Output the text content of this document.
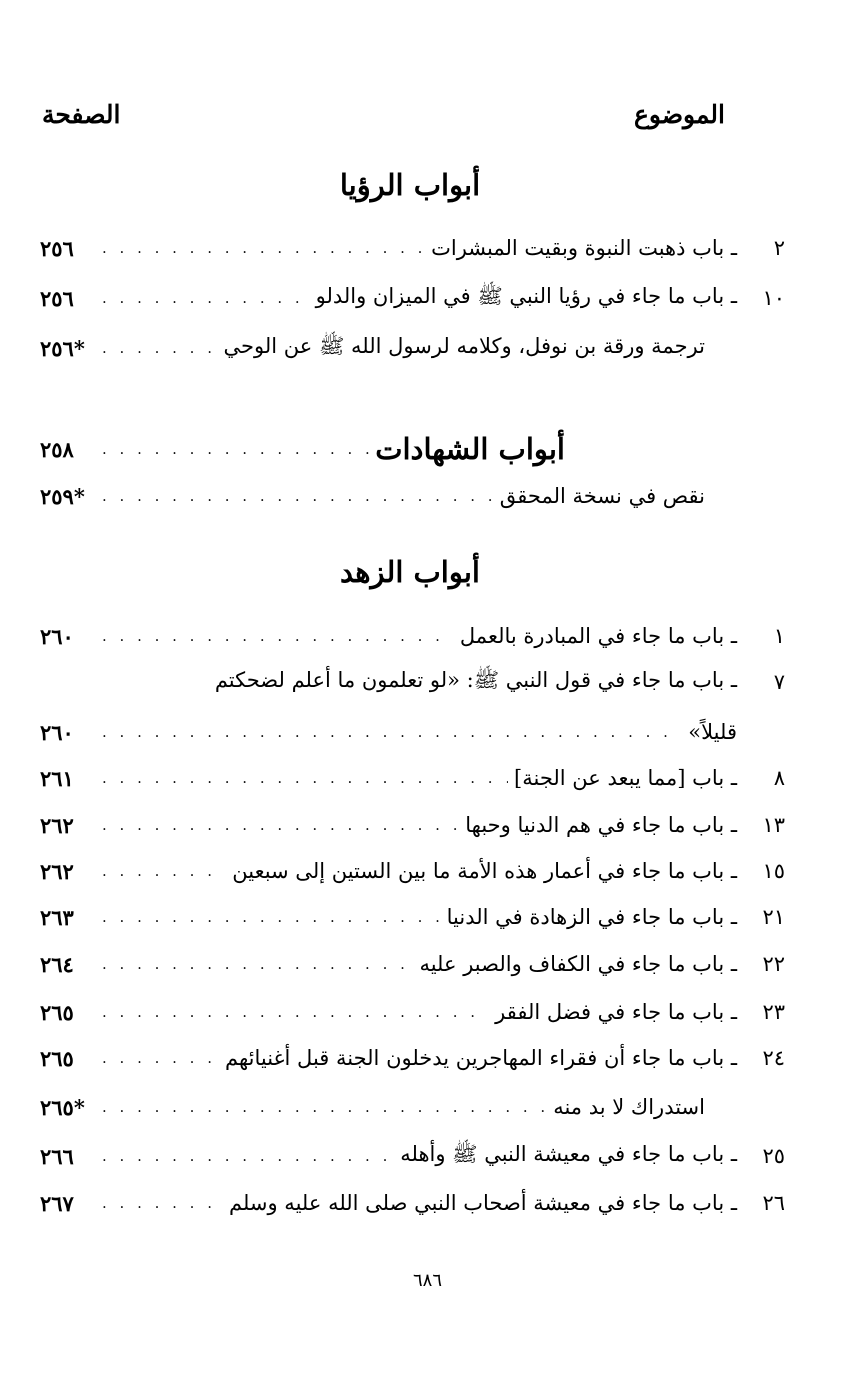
الموضوع
الصفحة
أبواب الرؤيا
٢
ـ باب ذهبت النبوة وبقيت المبشرات
. . .
٢٥٦
١٠
ـ باب ما جاء في رؤيا النبي ﷺ في الميزان والدلو
. . .
٢٥٦
ترجمة ورقة بن نوفل، وكلامه لرسول الله ﷺ عن الوحي
. . .
٢٥٦*
أبواب الشهادات
. . .
٢٥٨
نقص في نسخة المحقق
. . .
٢٥٩*
أبواب الزهد
١
ـ باب ما جاء في المبادرة بالعمل
. . .
٢٦٠
٧
ـ باب ما جاء في قول النبي ﷺ: «لو تعلمون ما أعلم لضحكتم
قليلاً»
. . .
٢٦٠
٨
ـ باب [مما يبعد عن الجنة]
. . .
٢٦١
١٣
ـ باب ما جاء في هم الدنيا وحبها
. . .
٢٦٢
١٥
ـ باب ما جاء في أعمار هذه الأمة ما بين الستين إلى سبعين
. . .
٢٦٢
٢١
ـ باب ما جاء في الزهادة في الدنيا
. . .
٢٦٣
٢٢
ـ باب ما جاء في الكفاف والصبر عليه
. . .
٢٦٤
٢٣
ـ باب ما جاء في فضل الفقر
. . .
٢٦٥
٢٤
ـ باب ما جاء أن فقراء المهاجرين يدخلون الجنة قبل أغنيائهم
. . .
٢٦٥
استدراك لا بد منه
. . .
٢٦٥*
٢٥
ـ باب ما جاء في معيشة النبي ﷺ وأهله
. . .
٢٦٦
٢٦
ـ باب ما جاء في معيشة أصحاب النبي صلى الله عليه وسلم
. . .
٢٦٧
٦٨٦
